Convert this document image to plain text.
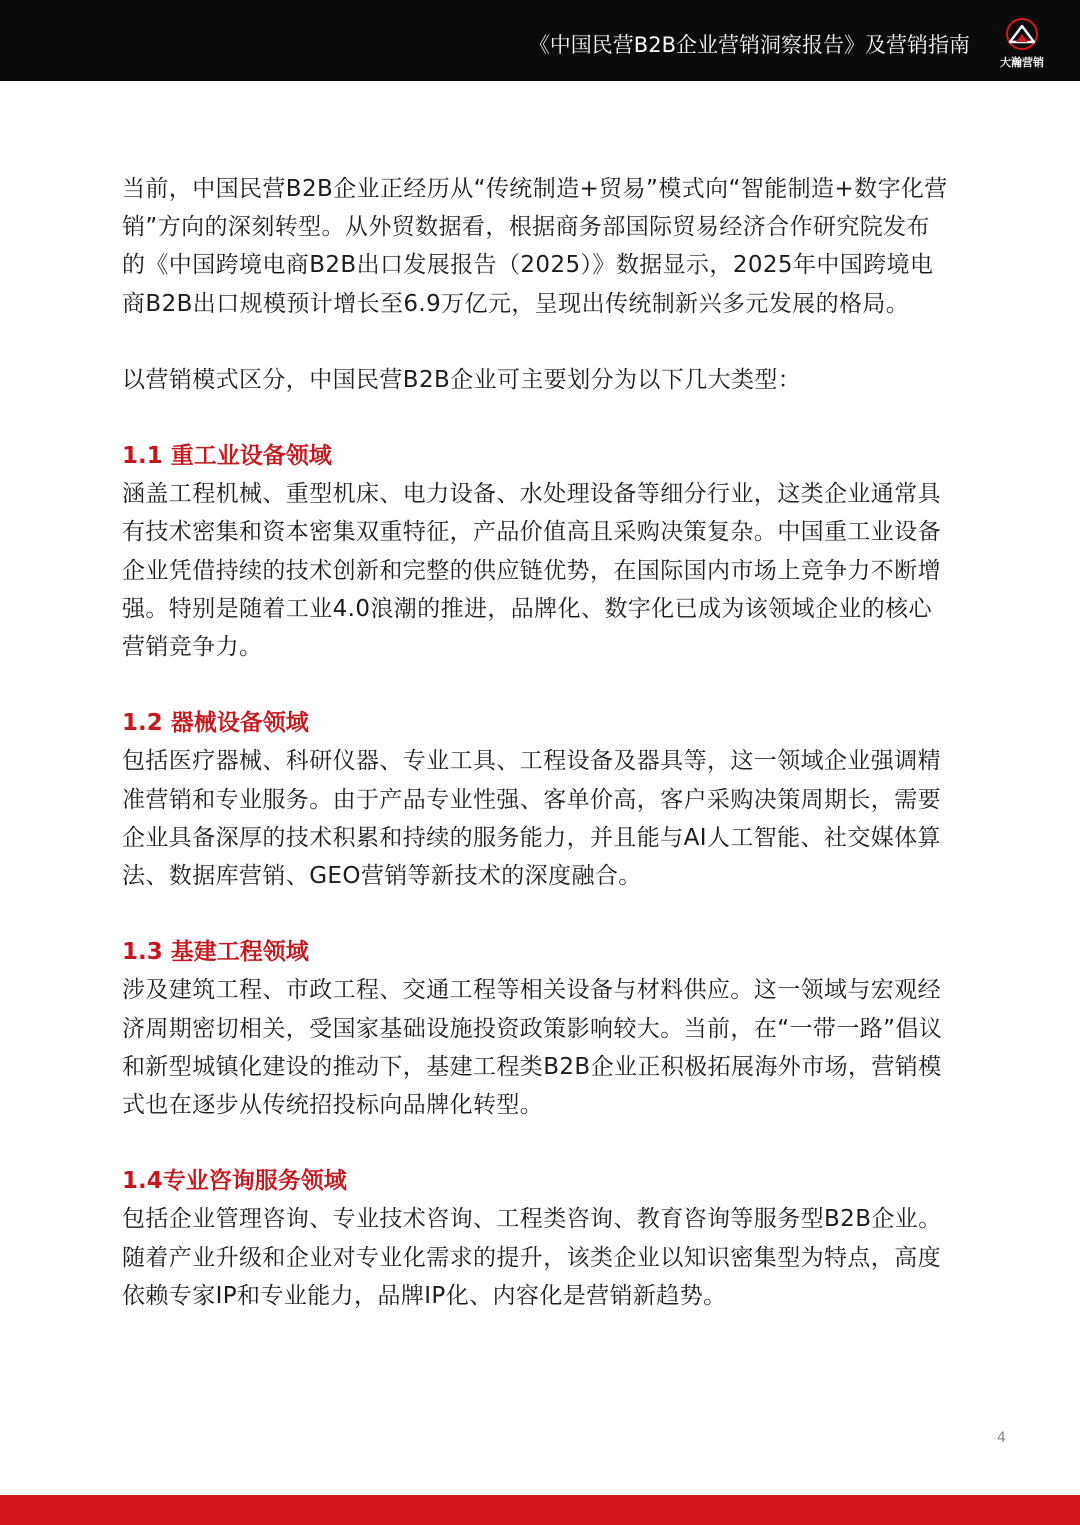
《中国民营B2B企业营销洞察报告》及营销指南
大瀚营销

当前，中国民营B2B企业正经历从“传统制造+贸易”模式向“智能制造+数字化营销”方向的深刻转型。从外贸数据看，根据商务部国际贸易经济合作研究院发布的《中国跨境电商B2B出口发展报告（2025）》数据显示，2025年中国跨境电商B2B出口规模预计增长至6.9万亿元，呈现出传统制新兴多元发展的格局。

以营销模式区分，中国民营B2B企业可主要划分为以下几大类型：

1.1 重工业设备领域

涵盖工程机械、重型机床、电力设备、水处理设备等细分行业，这类企业通常具有技术密集和资本密集双重特征，产品价值高且采购决策复杂。中国重工业设备企业凭借持续的技术创新和完整的供应链优势，在国际国内市场上竞争力不断增强。特别是随着工业4.0浪潮的推进，品牌化、数字化已成为该领域企业的核心营销竞争力。

1.2 器械设备领域

包括医疗器械、科研仪器、专业工具、工程设备及器具等，这一领域企业强调精准营销和专业服务。由于产品专业性强、客单价高，客户采购决策周期长，需要企业具备深厚的技术积累和持续的服务能力，并且能与AI人工智能、社交媒体算法、数据库营销、GEO营销等新技术的深度融合。

1.3 基建工程领域

涉及建筑工程、市政工程、交通工程等相关设备与材料供应。这一领域与宏观经济周期密切相关，受国家基础设施投资政策影响较大。当前，在“一带一路”倡议和新型城镇化建设的推动下，基建工程类B2B企业正积极拓展海外市场，营销模式也在逐步从传统招投标向品牌化转型。

1.4专业咨询服务领域

包括企业管理咨询、专业技术咨询、工程类咨询、教育咨询等服务型B2B企业。随着产业升级和企业对专业化需求的提升，该类企业以知识密集型为特点，高度依赖专家IP和专业能力，品牌IP化、内容化是营销新趋势。

4
